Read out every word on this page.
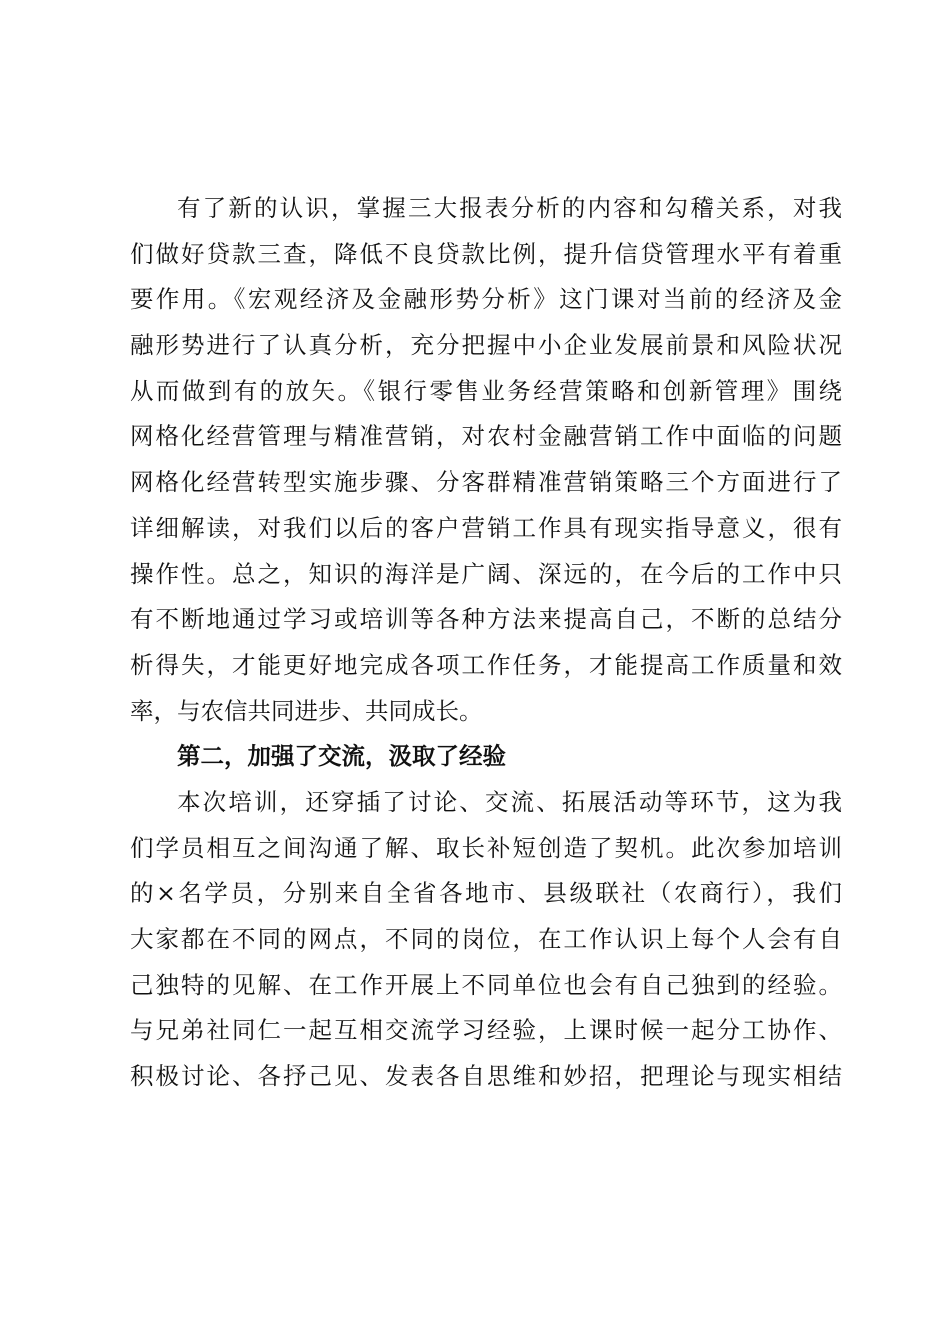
有了新的认识，掌握三大报表分析的内容和勾稽关系，对我
们做好贷款三查，降低不良贷款比例，提升信贷管理水平有着重
要作用。《宏观经济及金融形势分析》这门课对当前的经济及金
融形势进行了认真分析，充分把握中小企业发展前景和风险状况
从而做到有的放矢。《银行零售业务经营策略和创新管理》围绕
网格化经营管理与精准营销，对农村金融营销工作中面临的问题
网格化经营转型实施步骤、分客群精准营销策略三个方面进行了
详细解读，对我们以后的客户营销工作具有现实指导意义，很有
操作性。总之，知识的海洋是广阔、深远的，在今后的工作中只
有不断地通过学习或培训等各种方法来提高自己，不断的总结分
析得失，才能更好地完成各项工作任务，才能提高工作质量和效
率，与农信共同进步、共同成长。
第二，加强了交流，汲取了经验
本次培训，还穿插了讨论、交流、拓展活动等环节，这为我
们学员相互之间沟通了解、取长补短创造了契机。此次参加培训
的×名学员，分别来自全省各地市、县级联社（农商行），我们
大家都在不同的网点，不同的岗位，在工作认识上每个人会有自
己独特的见解、在工作开展上不同单位也会有自己独到的经验。
与兄弟社同仁一起互相交流学习经验，上课时候一起分工协作、
积极讨论、各抒己见、发表各自思维和妙招，把理论与现实相结
